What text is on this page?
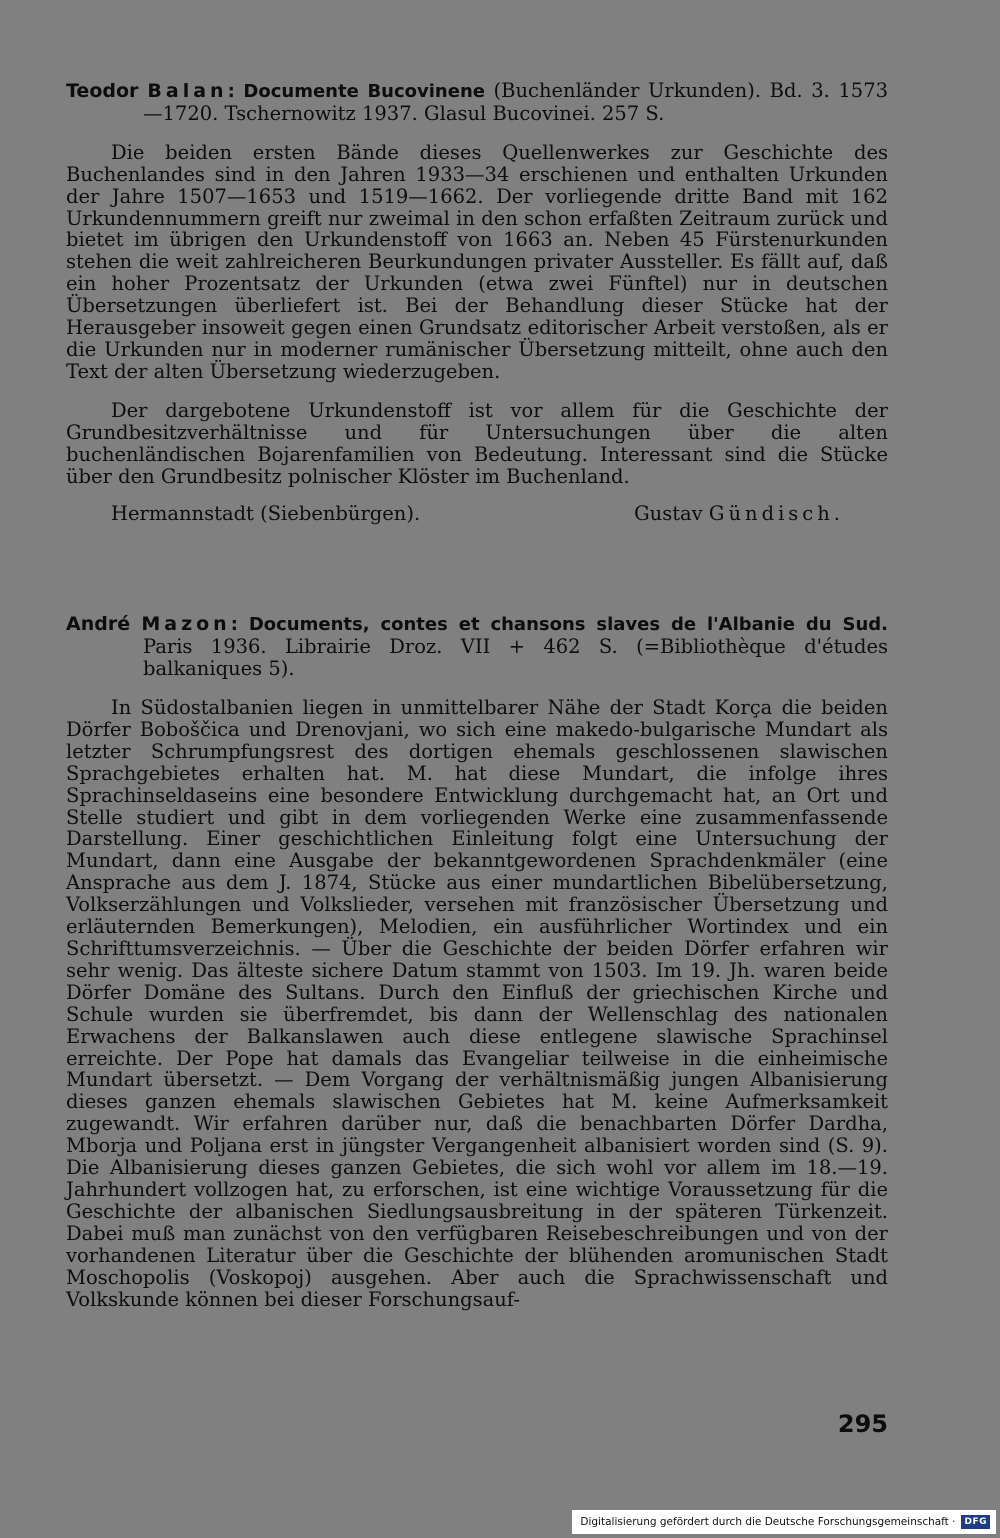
Teodor Balan: Documente Bucovinene (Buchenländer Urkunden). Bd. 3. 1573—1720. Tschernowitz 1937. Glasul Bucovinei. 257 S.

Die beiden ersten Bände dieses Quellenwerkes zur Geschichte des Buchenlandes sind in den Jahren 1933—34 erschienen und enthalten Urkunden der Jahre 1507—1653 und 1519—1662. Der vorliegende dritte Band mit 162 Urkundennummern greift nur zweimal in den schon erfaßten Zeitraum zurück und bietet im übrigen den Urkundenstoff von 1663 an. Neben 45 Fürstenurkunden stehen die weit zahlreicheren Beurkundungen privater Aussteller. Es fällt auf, daß ein hoher Prozentsatz der Urkunden (etwa zwei Fünftel) nur in deutschen Übersetzungen überliefert ist. Bei der Behandlung dieser Stücke hat der Herausgeber insoweit gegen einen Grundsatz editorischer Arbeit verstoßen, als er die Urkunden nur in moderner rumänischer Übersetzung mitteilt, ohne auch den Text der alten Übersetzung wiederzugeben.

Der dargebotene Urkundenstoff ist vor allem für die Geschichte der Grundbesitzverhältnisse und für Untersuchungen über die alten buchenländischen Bojarenfamilien von Bedeutung. Interessant sind die Stücke über den Grundbesitz polnischer Klöster im Buchenland.

Hermannstadt (Siebenbürgen).	Gustav Gündisch.

André Mazon: Documents, contes et chansons slaves de l'Albanie du Sud. Paris 1936. Librairie Droz. VII + 462 S. (=Bibliothèque d'études balkaniques 5).

In Südostalbanien liegen in unmittelbarer Nähe der Stadt Korça die beiden Dörfer Boboščica und Drenovjani, wo sich eine makedo-bulgarische Mundart als letzter Schrumpfungsrest des dortigen ehemals geschlossenen slawischen Sprachgebietes erhalten hat. M. hat diese Mundart, die infolge ihres Sprachinseldaseins eine besondere Entwicklung durchgemacht hat, an Ort und Stelle studiert und gibt in dem vorliegenden Werke eine zusammenfassende Darstellung. Einer geschichtlichen Einleitung folgt eine Untersuchung der Mundart, dann eine Ausgabe der bekanntgewordenen Sprachdenkmäler (eine Ansprache aus dem J. 1874, Stücke aus einer mundartlichen Bibelübersetzung, Volkserzählungen und Volkslieder, versehen mit französischer Übersetzung und erläuternden Bemerkungen), Melodien, ein ausführlicher Wortindex und ein Schrifttumsverzeichnis. — Über die Geschichte der beiden Dörfer erfahren wir sehr wenig. Das älteste sichere Datum stammt von 1503. Im 19. Jh. waren beide Dörfer Domäne des Sultans. Durch den Einfluß der griechischen Kirche und Schule wurden sie überfremdet, bis dann der Wellenschlag des nationalen Erwachens der Balkanslawen auch diese entlegene slawische Sprachinsel erreichte. Der Pope hat damals das Evangeliar teilweise in die einheimische Mundart übersetzt. — Dem Vorgang der verhältnismäßig jungen Albanisierung dieses ganzen ehemals slawischen Gebietes hat M. keine Aufmerksamkeit zugewandt. Wir erfahren darüber nur, daß die benachbarten Dörfer Dardha, Mborja und Poljana erst in jüngster Vergangenheit albanisiert worden sind (S. 9). Die Albanisierung dieses ganzen Gebietes, die sich wohl vor allem im 18.—19. Jahrhundert vollzogen hat, zu erforschen, ist eine wichtige Voraussetzung für die Geschichte der albanischen Siedlungsausbreitung in der späteren Türkenzeit. Dabei muß man zunächst von den verfügbaren Reisebeschreibungen und von der vorhandenen Literatur über die Geschichte der blühenden aromunischen Stadt Moschopolis (Voskopoj) ausgehen. Aber auch die Sprachwissenschaft und Volkskunde können bei dieser Forschungsauf-

295
Digitalisierung gefördert durch die Deutsche Forschungsgemeinschaft ·	DFG
